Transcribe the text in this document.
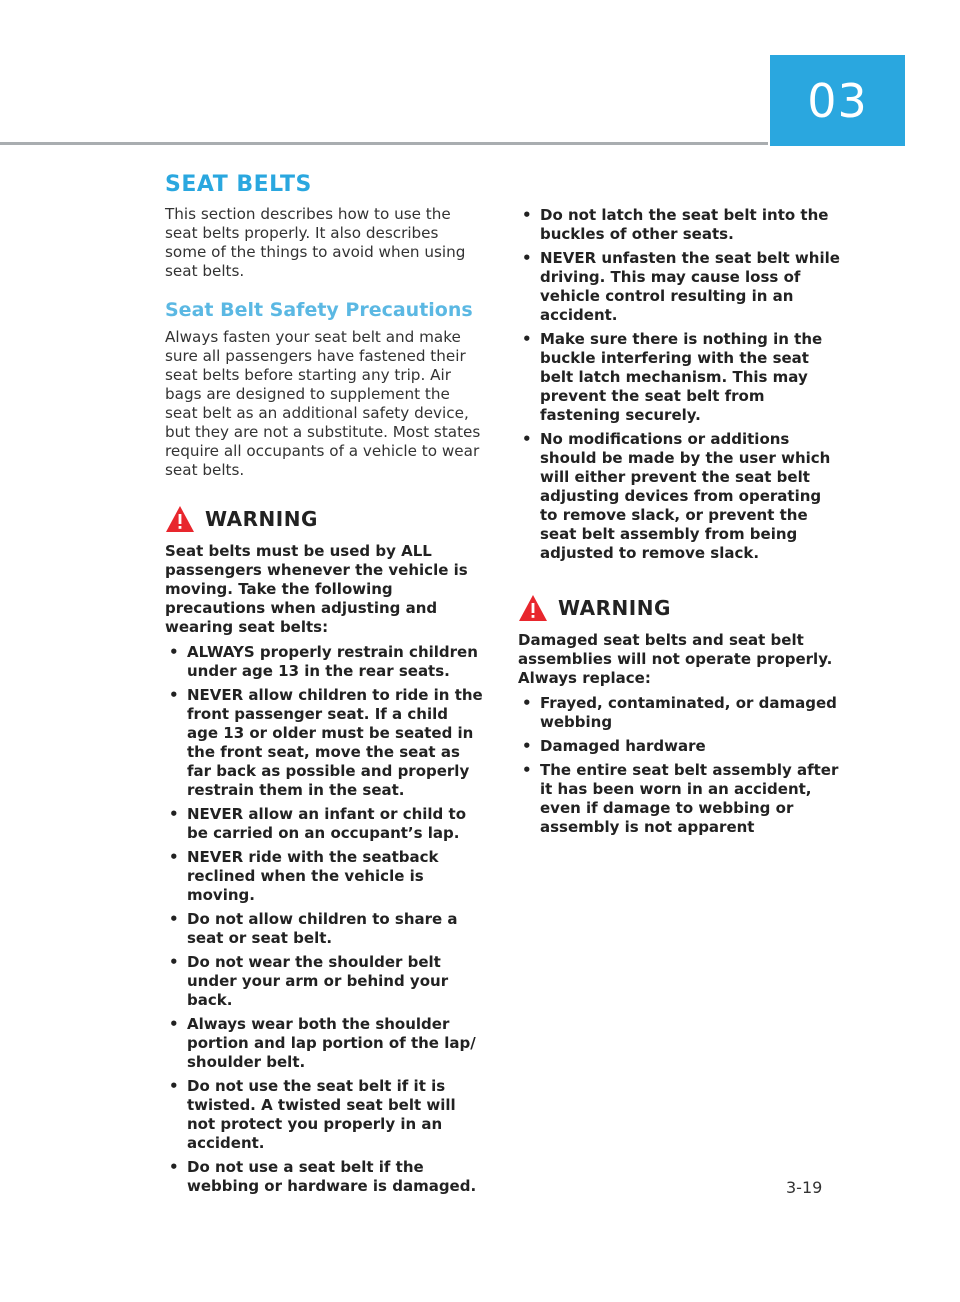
03
SEAT BELTS

This section describes how to use the seat belts properly. It also describes some of the things to avoid when using seat belts.

Seat Belt Safety Precautions

Always fasten your seat belt and make sure all passengers have fastened their seat belts before starting any trip. Air bags are designed to supplement the seat belt as an additional safety device, but they are not a substitute. Most states require all occupants of a vehicle to wear seat belts.

WARNING

Seat belts must be used by ALL passengers whenever the vehicle is moving. Take the following precautions when adjusting and wearing seat belts:

• ALWAYS properly restrain children under age 13 in the rear seats.
• NEVER allow children to ride in the front passenger seat. If a child age 13 or older must be seated in the front seat, move the seat as far back as possible and properly restrain them in the seat.
• NEVER allow an infant or child to be carried on an occupant’s lap.
• NEVER ride with the seatback reclined when the vehicle is moving.
• Do not allow children to share a seat or seat belt.
• Do not wear the shoulder belt under your arm or behind your back.
• Always wear both the shoulder portion and lap portion of the lap/ shoulder belt.
• Do not use the seat belt if it is twisted. A twisted seat belt will not protect you properly in an accident.
• Do not use a seat belt if the webbing or hardware is damaged.
• Do not latch the seat belt into the buckles of other seats.
• NEVER unfasten the seat belt while driving. This may cause loss of vehicle control resulting in an accident.
• Make sure there is nothing in the buckle interfering with the seat belt latch mechanism. This may prevent the seat belt from fastening securely.
• No modifications or additions should be made by the user which will either prevent the seat belt adjusting devices from operating to remove slack, or prevent the seat belt assembly from being adjusted to remove slack.
WARNING

Damaged seat belts and seat belt assemblies will not operate properly. Always replace:

• Frayed, contaminated, or damaged webbing
• Damaged hardware
• The entire seat belt assembly after it has been worn in an accident, even if damage to webbing or assembly is not apparent
3-19
